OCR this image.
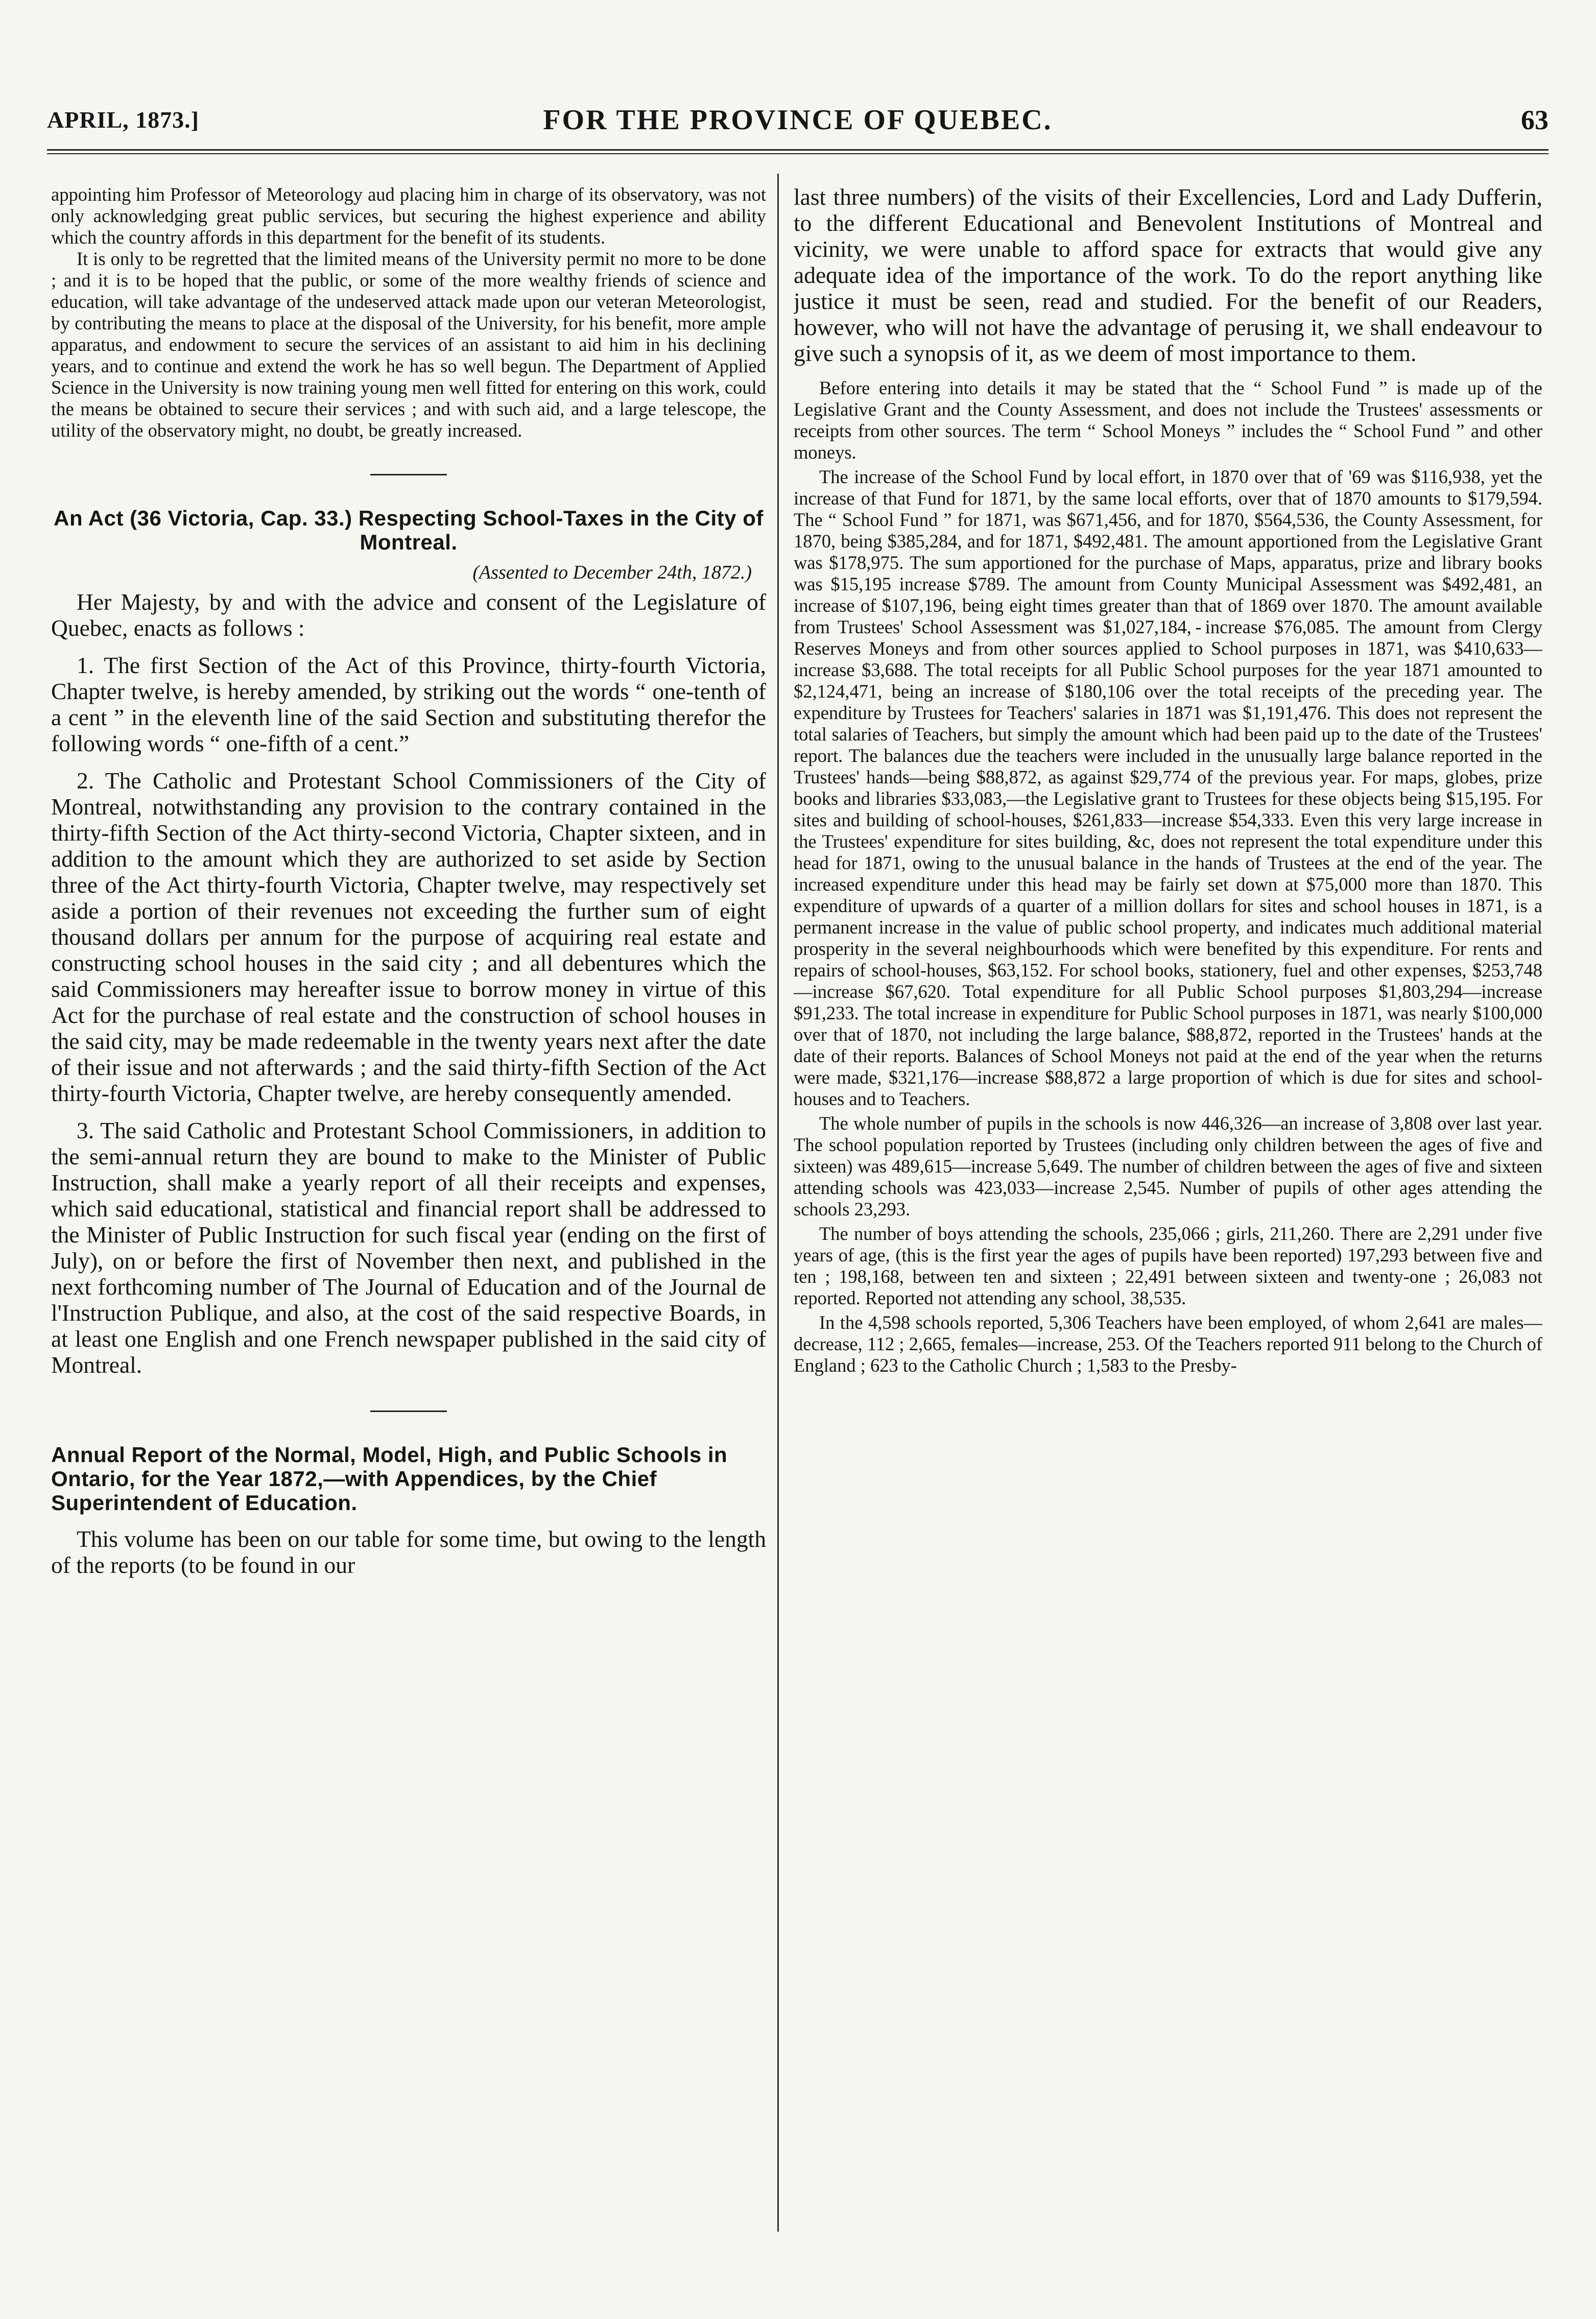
APRIL, 1873.]	FOR THE PROVINCE OF QUEBEC.	63

appointing him Professor of Meteorology aud placing him in charge of its observatory, was not only acknowledging great public services, but securing the highest experience and ability which the country affords in this department for the benefit of its students.

It is only to be regretted that the limited means of the University permit no more to be done ; and it is to be hoped that the public, or some of the more wealthy friends of science and education, will take advantage of the undeserved attack made upon our veteran Meteorologist, by contributing the means to place at the disposal of the University, for his benefit, more ample apparatus, and endowment to secure the services of an assistant to aid him in his declining years, and to continue and extend the work he has so well begun. The Department of Applied Science in the University is now training young men well fitted for entering on this work, could the means be obtained to secure their services ; and with such aid, and a large telescope, the utility of the observatory might, no doubt, be greatly increased.

An Act (36 Victoria, Cap. 33.) Respecting School-Taxes in the City of Montreal.

(Assented to December 24th, 1872.)

Her Majesty, by and with the advice and consent of the Legislature of Quebec, enacts as follows :

1. The first Section of the Act of this Province, thirty-fourth Victoria, Chapter twelve, is hereby amended, by striking out the words “ one-tenth of a cent ” in the eleventh line of the said Section and substituting therefor the following words “ one-fifth of a cent.”

2. The Catholic and Protestant School Commissioners of the City of Montreal, notwithstanding any provision to the contrary contained in the thirty-fifth Section of the Act thirty-second Victoria, Chapter sixteen, and in addition to the amount which they are authorized to set aside by Section three of the Act thirty-fourth Victoria, Chapter twelve, may respectively set aside a portion of their revenues not exceeding the further sum of eight thousand dollars per annum for the purpose of acquiring real estate and constructing school houses in the said city ; and all debentures which the said Commissioners may hereafter issue to borrow money in virtue of this Act for the purchase of real estate and the construction of school houses in the said city, may be made redeemable in the twenty years next after the date of their issue and not afterwards ; and the said thirty-fifth Section of the Act thirty-fourth Victoria, Chapter twelve, are hereby consequently amended.

3. The said Catholic and Protestant School Commissioners, in addition to the semi-annual return they are bound to make to the Minister of Public Instruction, shall make a yearly report of all their receipts and expenses, which said educational, statistical and financial report shall be addressed to the Minister of Public Instruction for such fiscal year (ending on the first of July), on or before the first of November then next, and published in the next forthcoming number of The Journal of Education and of the Journal de l'Instruction Publique, and also, at the cost of the said respective Boards, in at least one English and one French newspaper published in the said city of Montreal.

Annual Report of the Normal, Model, High, and Public Schools in Ontario, for the Year 1872,—with Appendices, by the Chief Superintendent of Education.

This volume has been on our table for some time, but owing to the length of the reports (to be found in our

last three numbers) of the visits of their Excellencies, Lord and Lady Dufferin, to the different Educational and Benevolent Institutions of Montreal and vicinity, we were unable to afford space for extracts that would give any adequate idea of the importance of the work. To do the report anything like justice it must be seen, read and studied. For the benefit of our Readers, however, who will not have the advantage of perusing it, we shall endeavour to give such a synopsis of it, as we deem of most importance to them.

Before entering into details it may be stated that the “ School Fund ” is made up of the Legislative Grant and the County Assessment, and does not include the Trustees' assessments or receipts from other sources. The term “ School Moneys ” includes the “ School Fund ” and other moneys.

The increase of the School Fund by local effort, in 1870 over that of '69 was $116,938, yet the increase of that Fund for 1871, by the same local efforts, over that of 1870 amounts to $179,594. The “ School Fund ” for 1871, was $671,456, and for 1870, $564,536, the County Assessment, for 1870, being $385,284, and for 1871, $492,481. The amount apportioned from the Legislative Grant was $178,975. The sum apportioned for the purchase of Maps, apparatus, prize and library books was $15,195 increase $789. The amount from County Municipal Assessment was $492,481, an increase of $107,196, being eight times greater than that of 1869 over 1870. The amount available from Trustees' School Assessment was $1,027,184, - increase $76,085. The amount from Clergy Reserves Moneys and from other sources applied to School purposes in 1871, was $410,633—increase $3,688. The total receipts for all Public School purposes for the year 1871 amounted to $2,124,471, being an increase of $180,106 over the total receipts of the preceding year. The expenditure by Trustees for Teachers' salaries in 1871 was $1,191,476. This does not represent the total salaries of Teachers, but simply the amount which had been paid up to the date of the Trustees' report. The balances due the teachers were included in the unusually large balance reported in the Trustees' hands—being $88,872, as against $29,774 of the previous year. For maps, globes, prize books and libraries $33,083,—the Legislative grant to Trustees for these objects being $15,195. For sites and building of school-houses, $261,833—increase $54,333. Even this very large increase in the Trustees' expenditure for sites building, &c, does not represent the total expenditure under this head for 1871, owing to the unusual balance in the hands of Trustees at the end of the year. The increased expenditure under this head may be fairly set down at $75,000 more than 1870. This expenditure of upwards of a quarter of a million dollars for sites and school houses in 1871, is a permanent increase in the value of public school property, and indicates much additional material prosperity in the several neighbourhoods which were benefited by this expenditure. For rents and repairs of school-houses, $63,152. For school books, stationery, fuel and other expenses, $253,748—increase $67,620. Total expenditure for all Public School purposes $1,803,294—increase $91,233. The total increase in expenditure for Public School purposes in 1871, was nearly $100,000 over that of 1870, not including the large balance, $88,872, reported in the Trustees' hands at the date of their reports. Balances of School Moneys not paid at the end of the year when the returns were made, $321,176—increase $88,872 a large proportion of which is due for sites and school-houses and to Teachers.

The whole number of pupils in the schools is now 446,326—an increase of 3,808 over last year. The school population reported by Trustees (including only children between the ages of five and sixteen) was 489,615—increase 5,649. The number of children between the ages of five and sixteen attending schools was 423,033—increase 2,545. Number of pupils of other ages attending the schools 23,293.

The number of boys attending the schools, 235,066 ; girls, 211,260. There are 2,291 under five years of age, (this is the first year the ages of pupils have been reported) 197,293 between five and ten ; 198,168, between ten and sixteen ; 22,491 between sixteen and twenty-one ; 26,083 not reported. Reported not attending any school, 38,535.

In the 4,598 schools reported, 5,306 Teachers have been employed, of whom 2,641 are males—decrease, 112 ; 2,665, females—increase, 253. Of the Teachers reported 911 belong to the Church of England ; 623 to the Catholic Church ; 1,583 to the Presby-
